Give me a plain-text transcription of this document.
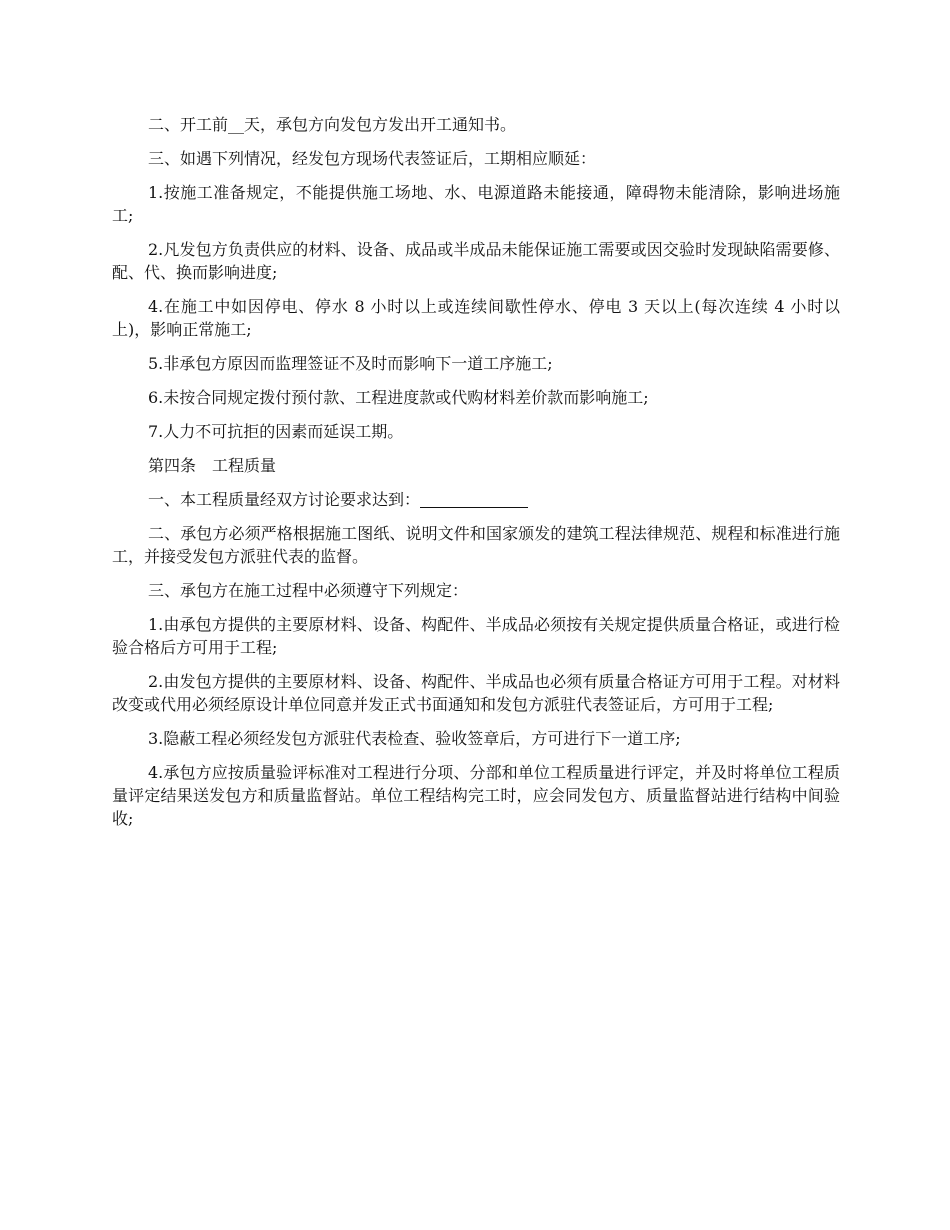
二、开工前__天，承包方向发包方发出开工通知书。

三、如遇下列情况，经发包方现场代表签证后，工期相应顺延：

1.按施工准备规定，不能提供施工场地、水、电源道路未能接通，障碍物未能清除，影响进场施工;

2.凡发包方负责供应的材料、设备、成品或半成品未能保证施工需要或因交验时发现缺陷需要修、配、代、换而影响进度;

4.在施工中如因停电、停水 8 小时以上或连续间歇性停水、停电 3 天以上(每次连续 4 小时以上)，影响正常施工;

5.非承包方原因而监理签证不及时而影响下一道工序施工;

6.未按合同规定拨付预付款、工程进度款或代购材料差价款而影响施工;

7.人力不可抗拒的因素而延误工期。

第四条　工程质量

一、本工程质量经双方讨论要求达到：

二、承包方必须严格根据施工图纸、说明文件和国家颁发的建筑工程法律规范、规程和标准进行施工，并接受发包方派驻代表的监督。

三、承包方在施工过程中必须遵守下列规定：

1.由承包方提供的主要原材料、设备、构配件、半成品必须按有关规定提供质量合格证，或进行检验合格后方可用于工程;

2.由发包方提供的主要原材料、设备、构配件、半成品也必须有质量合格证方可用于工程。对材料改变或代用必须经原设计单位同意并发正式书面通知和发包方派驻代表签证后，方可用于工程;

3.隐蔽工程必须经发包方派驻代表检查、验收签章后，方可进行下一道工序;

4.承包方应按质量验评标准对工程进行分项、分部和单位工程质量进行评定，并及时将单位工程质量评定结果送发包方和质量监督站。单位工程结构完工时，应会同发包方、质量监督站进行结构中间验收;
